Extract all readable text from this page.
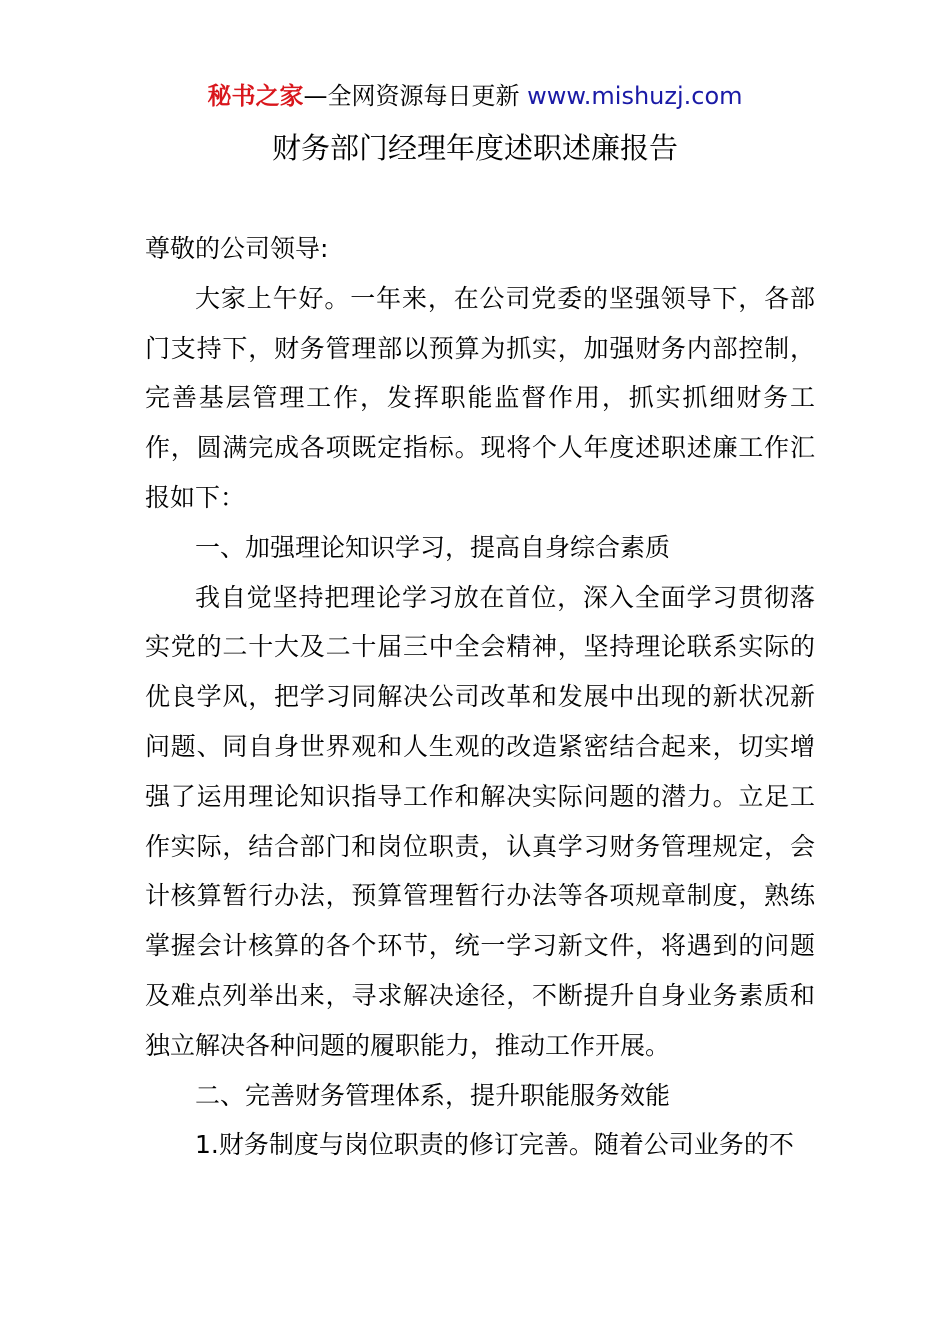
秘书之家—全网资源每日更新 www.mishuzj.com
财务部门经理年度述职述廉报告

尊敬的公司领导:

大家上午好。一年来，在公司党委的坚强领导下，各部门支持下，财务管理部以预算为抓实，加强财务内部控制，完善基层管理工作，发挥职能监督作用，抓实抓细财务工作，圆满完成各项既定指标。现将个人年度述职述廉工作汇报如下：

一、加强理论知识学习，提高自身综合素质

我自觉坚持把理论学习放在首位，深入全面学习贯彻落实党的二十大及二十届三中全会精神，坚持理论联系实际的优良学风，把学习同解决公司改革和发展中出现的新状况新问题、同自身世界观和人生观的改造紧密结合起来，切实增强了运用理论知识指导工作和解决实际问题的潜力。立足工作实际，结合部门和岗位职责，认真学习财务管理规定，会计核算暂行办法，预算管理暂行办法等各项规章制度，熟练掌握会计核算的各个环节，统一学习新文件，将遇到的问题及难点列举出来，寻求解决途径，不断提升自身业务素质和独立解决各种问题的履职能力，推动工作开展。

二、完善财务管理体系，提升职能服务效能

1.财务制度与岗位职责的修订完善。随着公司业务的不
